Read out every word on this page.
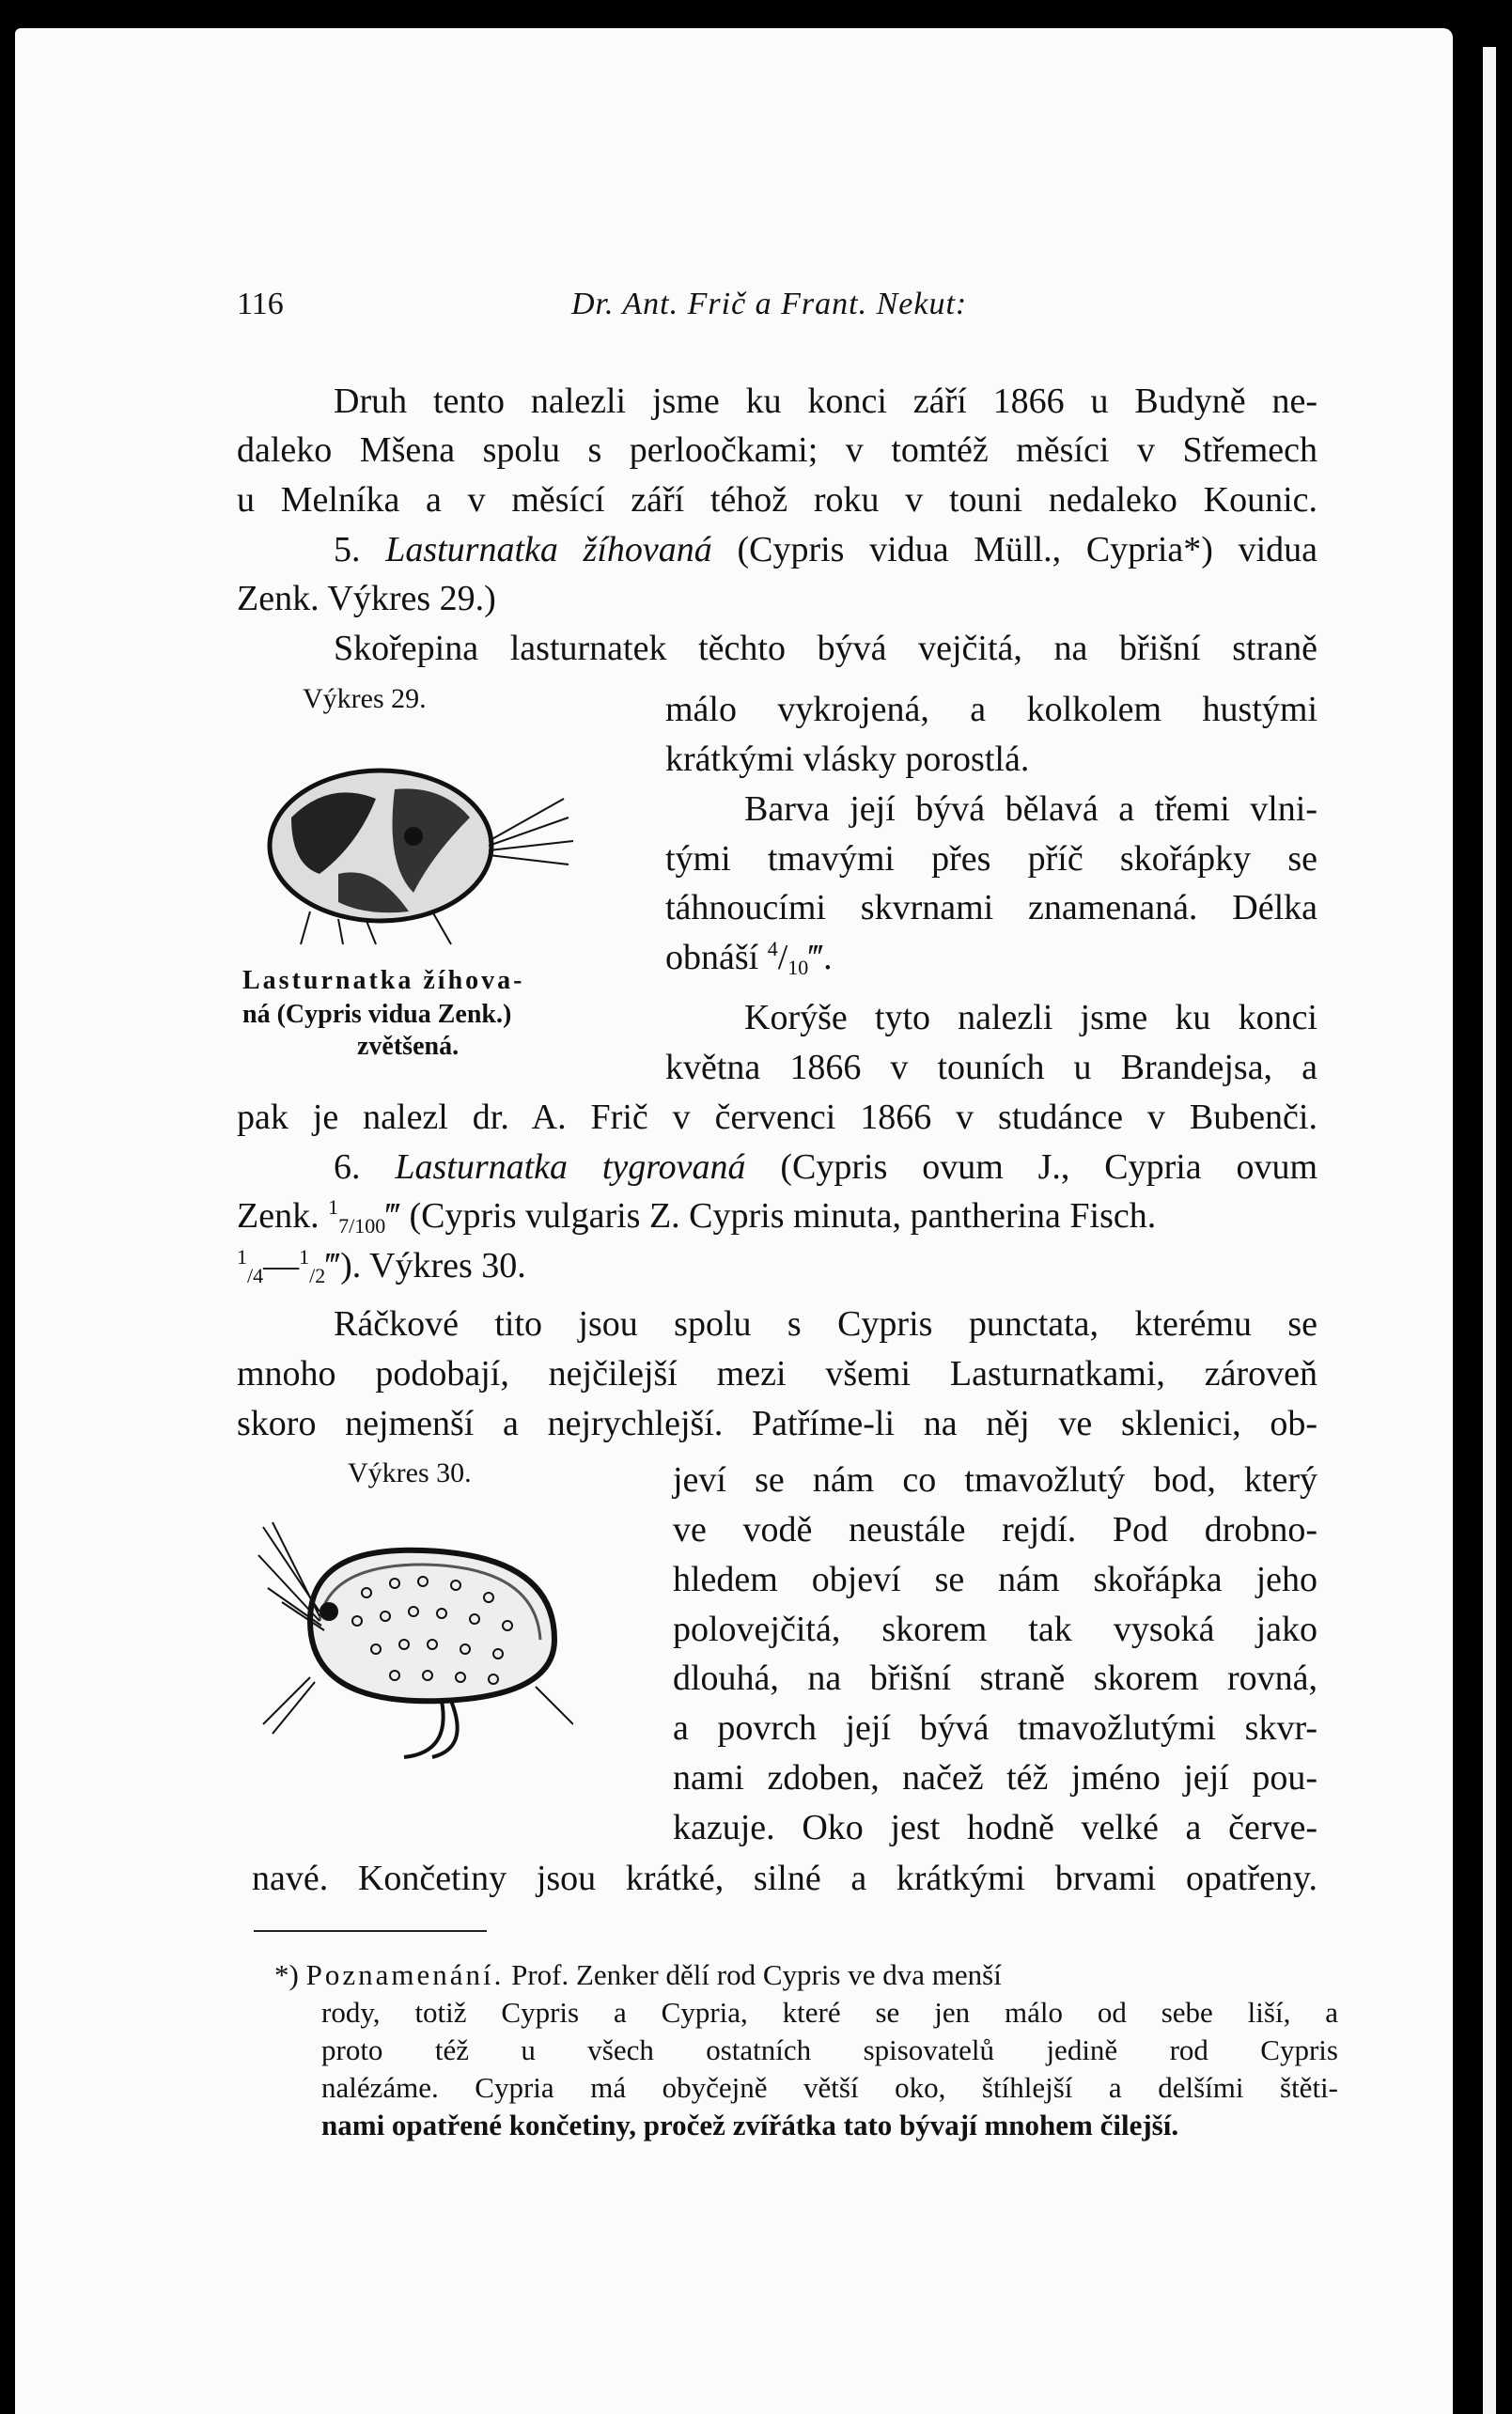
116	Dr. Ant. Frič a Frant. Nekut:
Druh tento nalezli jsme ku konci září 1866 u Budyně ne-
daleko Mšena spolu s perloočkami; v tomtéž měsíci v Střemech
u Melníka a v měsící září téhož roku v touni nedaleko Kounic.
5. Lasturnatka žíhovaná (Cypris vidua Müll., Cypria*) vidua
Zenk. Výkres 29.)
Skořepina lasturnatek těchto bývá vejčitá, na břišní straně
Výkres 29.	málo vykrojená, a kolkolem hustými
krátkými vlásky porostlá.
Barva její bývá bělavá a třemi vlni-
tými tmavými přes příč skořápky se
táhnoucími skvrnami znamenaná. Délka
obnáší $^4/_{10}‴$.
Lasturnatka žíhova-
ná (Cypris vidua Zenk.)
zvětšená.
Korýše tyto nalezli jsme ku konci
května 1866 v touních u Brandejsa, a
pak je nalezl dr. A. Frič v červenci 1866 v studánce v Bubenči.
6. Lasturnatka tygrovaná (Cypris ovum J., Cypria ovum
Zenk. $^1_{7/100}$‴ (Cypris vulgaris Z. Cypris minuta, pantherina Fisch.
$^1_{/4}$—$^1_{/2}$‴). Výkres 30.
Ráčkové tito jsou spolu s Cypris punctata, kterému se
mnoho podobají, nejčilejší mezi všemi Lasturnatkami, zároveň
skoro nejmenší a nejrychlejší. Patříme-li na něj ve sklenici, ob-
Výkres 30.	jeví se nám co tmavožlutý bod, který
ve vodě neustále rejdí. Pod drobno-
hledem objeví se nám skořápka jeho
polovejčitá, skorem tak vysoká jako
dlouhá, na břišní straně skorem rovná,
a povrch její bývá tmavožlutými skvr-
nami zdoben, načež též jméno její pou-
kazuje. Oko jest hodně velké a červe-
navé. Končetiny jsou krátké, silné a krátkými brvami opatřeny.
*) Poznamenání. Prof. Zenker dělí rod Cypris ve dva menší
rody, totiž Cypris a Cypria, které se jen málo od sebe liší, a
proto též u všech ostatních spisovatelů jedině rod Cypris
nalézáme. Cypria má obyčejně větší oko, štíhlejší a delšími štěti-
nami opatřené končetiny, pročež zvířátka tato bývají mnohem čilejší.
